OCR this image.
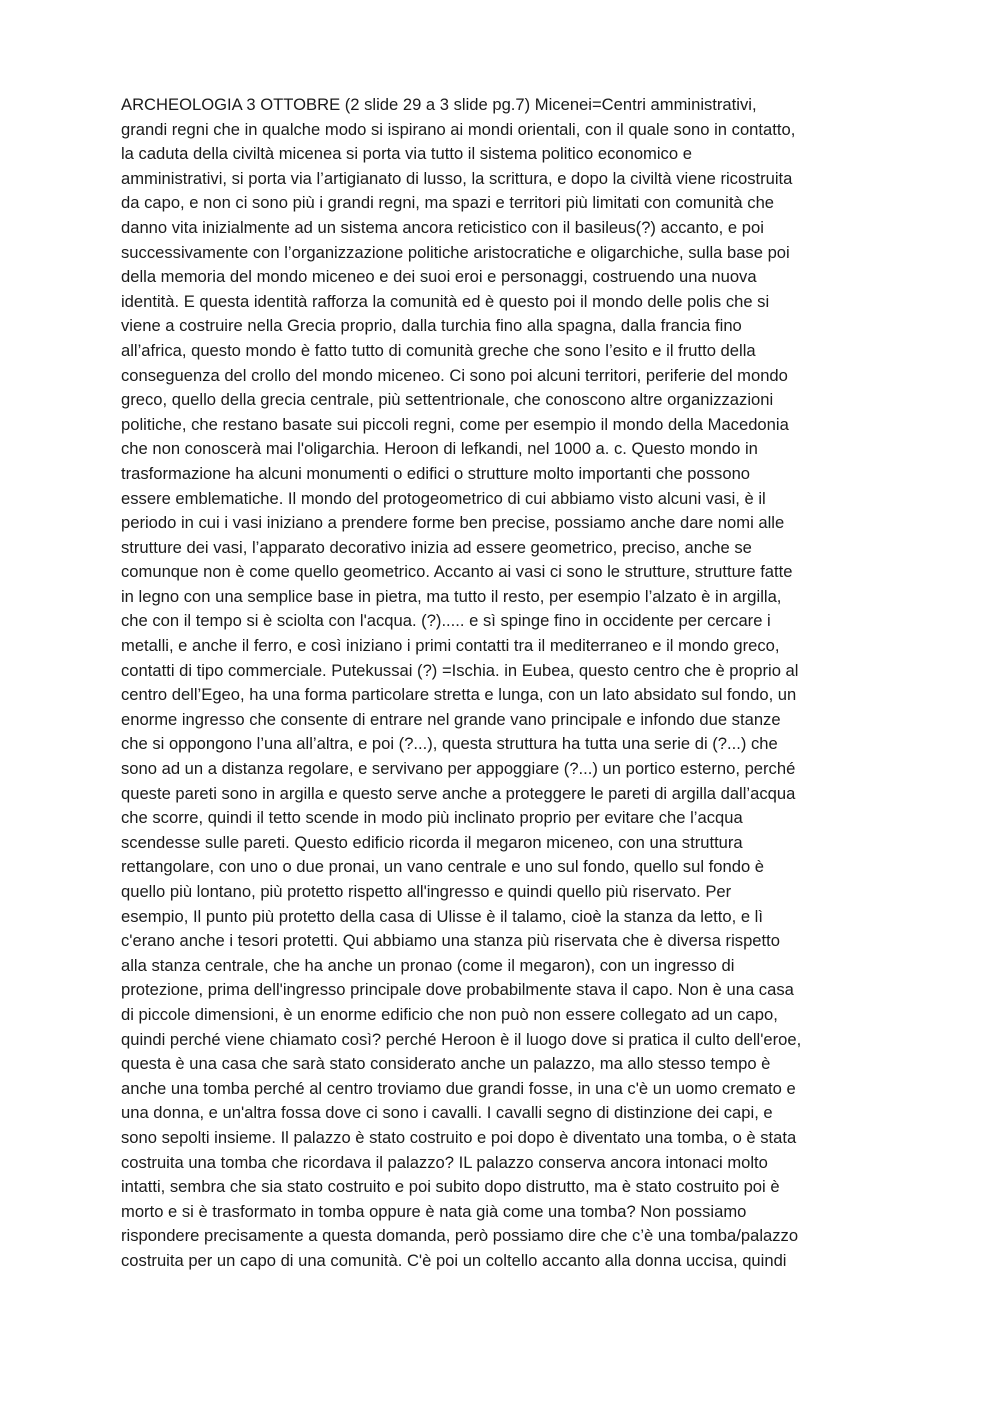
ARCHEOLOGIA 3 OTTOBRE (2 slide 29 a 3 slide pg.7) Micenei=Centri amministrativi,
grandi regni che in qualche modo si ispirano ai mondi orientali, con il quale sono in contatto,
la caduta della civiltà micenea si porta via tutto il sistema politico economico e
amministrativi, si porta via l’artigianato di lusso, la scrittura, e dopo la civiltà viene ricostruita
da capo, e non ci sono più i grandi regni, ma spazi e territori più limitati con comunità che
danno vita inizialmente ad un sistema ancora reticistico con il basileus(?) accanto, e poi
successivamente con l’organizzazione politiche aristocratiche e oligarchiche, sulla base poi
della memoria del mondo miceneo e dei suoi eroi e personaggi, costruendo una nuova
identità. E questa identità rafforza la comunità ed è questo poi il mondo delle polis che si
viene a costruire nella Grecia proprio, dalla turchia fino alla spagna, dalla francia fino
all’africa, questo mondo è fatto tutto di comunità greche che sono l’esito e il frutto della
conseguenza del crollo del mondo miceneo. Ci sono poi alcuni territori, periferie del mondo
greco, quello della grecia centrale, più settentrionale, che conoscono altre organizzazioni
politiche, che restano basate sui piccoli regni, come per esempio il mondo della Macedonia
che non conoscerà mai l'oligarchia. Heroon di lefkandi, nel 1000 a. c. Questo mondo in
trasformazione ha alcuni monumenti o edifici o strutture molto importanti che possono
essere emblematiche. Il mondo del protogeometrico di cui abbiamo visto alcuni vasi, è il
periodo in cui i vasi iniziano a prendere forme ben precise, possiamo anche dare nomi alle
strutture dei vasi, l’apparato decorativo inizia ad essere geometrico, preciso, anche se
comunque non è come quello geometrico. Accanto ai vasi ci sono le strutture, strutture fatte
in legno con una semplice base in pietra, ma tutto il resto, per esempio l’alzato è in argilla,
che con il tempo si è sciolta con l'acqua. (?)..... e sì spinge fino in occidente per cercare i
metalli, e anche il ferro, e così iniziano i primi contatti tra il mediterraneo e il mondo greco,
contatti di tipo commerciale. Putekussai (?) =Ischia. in Eubea, questo centro che è proprio al
centro dell’Egeo, ha una forma particolare stretta e lunga, con un lato absidato sul fondo, un
enorme ingresso che consente di entrare nel grande vano principale e infondo due stanze
che si oppongono l’una all’altra, e poi (?...), questa struttura ha tutta una serie di (?...) che
sono ad un a distanza regolare, e servivano per appoggiare (?...) un portico esterno, perché
queste pareti sono in argilla e questo serve anche a proteggere le pareti di argilla dall’acqua
che scorre, quindi il tetto scende in modo più inclinato proprio per evitare che l’acqua
scendesse sulle pareti. Questo edificio ricorda il megaron miceneo, con una struttura
rettangolare, con uno o due pronai, un vano centrale e uno sul fondo, quello sul fondo è
quello più lontano, più protetto rispetto all'ingresso e quindi quello più riservato. Per
esempio, Il punto più protetto della casa di Ulisse è il talamo, cioè la stanza da letto, e lì
c'erano anche i tesori protetti. Qui abbiamo una stanza più riservata che è diversa rispetto
alla stanza centrale, che ha anche un pronao (come il megaron), con un ingresso di
protezione, prima dell'ingresso principale dove probabilmente stava il capo. Non è una casa
di piccole dimensioni, è un enorme edificio che non può non essere collegato ad un capo,
quindi perché viene chiamato così? perché Heroon è il luogo dove si pratica il culto dell'eroe,
questa è una casa che sarà stato considerato anche un palazzo, ma allo stesso tempo è
anche una tomba perché al centro troviamo due grandi fosse, in una c'è un uomo cremato e
una donna, e un'altra fossa dove ci sono i cavalli. I cavalli segno di distinzione dei capi, e
sono sepolti insieme. Il palazzo è stato costruito e poi dopo è diventato una tomba, o è stata
costruita una tomba che ricordava il palazzo? IL palazzo conserva ancora intonaci molto
intatti, sembra che sia stato costruito e poi subito dopo distrutto, ma è stato costruito poi è
morto e si è trasformato in tomba oppure è nata già come una tomba? Non possiamo
rispondere precisamente a questa domanda, però possiamo dire che c’è una tomba/palazzo
costruita per un capo di una comunità. C'è poi un coltello accanto alla donna uccisa, quindi
